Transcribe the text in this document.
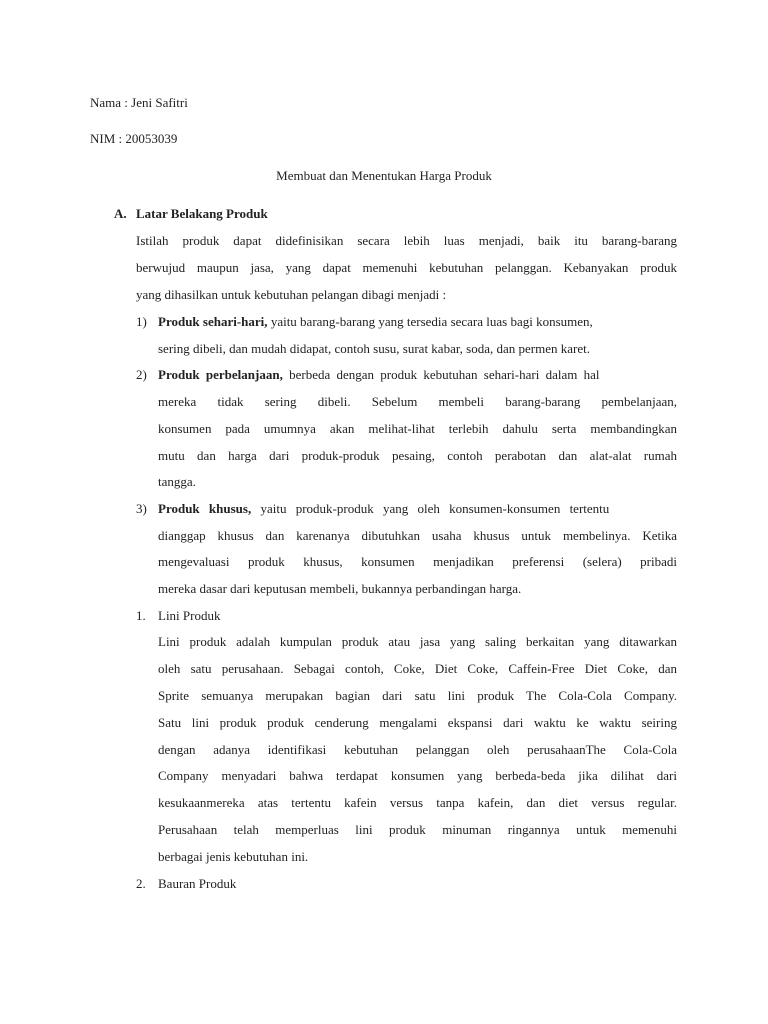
Nama : Jeni Safitri
NIM : 20053039
Membuat dan Menentukan Harga Produk
A. Latar Belakang Produk
Istilah produk dapat didefinisikan secara lebih luas menjadi, baik itu barang-barang
berwujud maupun jasa, yang dapat memenuhi kebutuhan pelanggan. Kebanyakan produk
yang dihasilkan untuk kebutuhan pelangan dibagi menjadi :
1) Produk sehari-hari, yaitu barang-barang yang tersedia secara luas bagi konsumen,
sering dibeli, dan mudah didapat, contoh susu, surat kabar, soda, dan permen karet.
2) Produk perbelanjaan, berbeda dengan produk kebutuhan sehari-hari dalam hal
mereka tidak sering dibeli. Sebelum membeli barang-barang pembelanjaan,
konsumen pada umumnya akan melihat-lihat terlebih dahulu serta membandingkan
mutu dan harga dari produk-produk pesaing, contoh perabotan dan alat-alat rumah
tangga.
3) Produk khusus, yaitu produk-produk yang oleh konsumen-konsumen tertentu
dianggap khusus dan karenanya dibutuhkan usaha khusus untuk membelinya. Ketika
mengevaluasi produk khusus, konsumen menjadikan preferensi (selera) pribadi
mereka dasar dari keputusan membeli, bukannya perbandingan harga.
1. Lini Produk
Lini produk adalah kumpulan produk atau jasa yang saling berkaitan yang ditawarkan
oleh satu perusahaan. Sebagai contoh, Coke, Diet Coke, Caffein-Free Diet Coke, dan
Sprite semuanya merupakan bagian dari satu lini produk The Cola-Cola Company.
Satu lini produk produk cenderung mengalami ekspansi dari waktu ke waktu seiring
dengan adanya identifikasi kebutuhan pelanggan oleh perusahaanThe Cola-Cola
Company menyadari bahwa terdapat konsumen yang berbeda-beda jika dilihat dari
kesukaanmereka atas tertentu kafein versus tanpa kafein, dan diet versus regular.
Perusahaan telah memperluas lini produk minuman ringannya untuk memenuhi
berbagai jenis kebutuhan ini.
2. Bauran Produk
